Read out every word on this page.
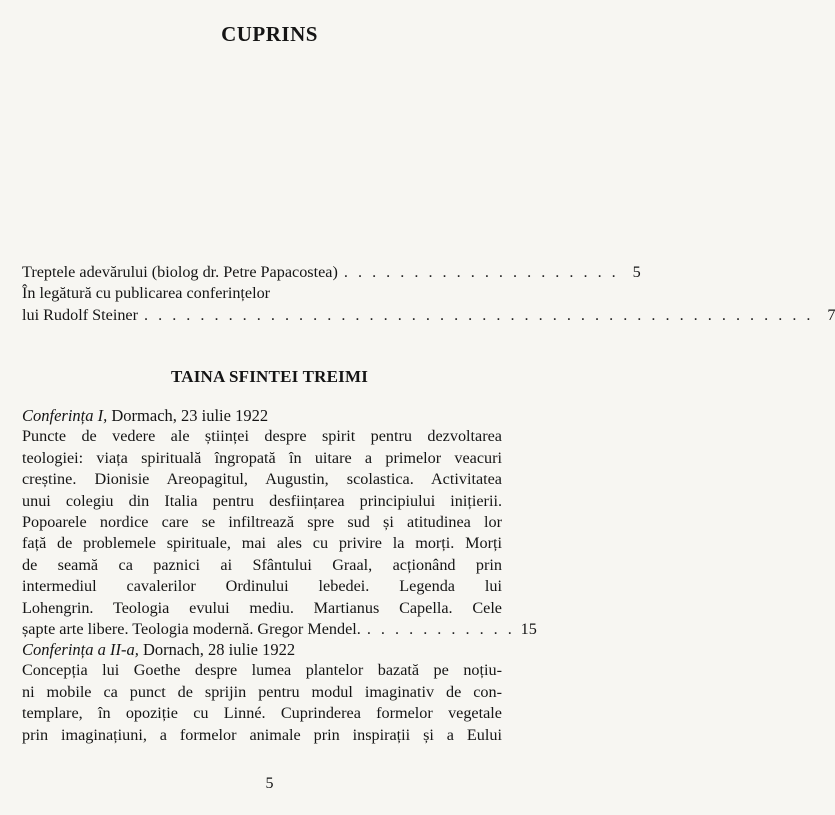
CUPRINS
Treptele adevărului (biolog dr. Petre Papacostea) . . . . . . . . . . . . . . . . . . . . 5
În legătură cu publicarea conferințelor
lui Rudolf Steiner . . . . . . . . . . . . . . . . . . . . . . . . . . . . . . . . . . . . . . . . . . . . . . . . 7
TAINA SFINTEI TREIMI
Conferința I, Dormach, 23 iulie 1922
Puncte de vedere ale științei despre spirit pentru dezvoltarea
teologiei: viața spirituală îngropată în uitare a primelor veacuri
creștine. Dionisie Areopagitul, Augustin, scolastica. Activitatea
unui colegiu din Italia pentru desființarea principiului inițierii.
Popoarele nordice care se infiltrează spre sud și atitudinea lor
față de problemele spirituale, mai ales cu privire la morți. Morți
de seamă ca paznici ai Sfântului Graal, acționând prin
intermediul cavalerilor Ordinului lebedei. Legenda lui
Lohengrin. Teologia evului mediu. Martianus Capella. Cele
șapte arte libere. Teologia modernă. Gregor Mendel. . . . . . . . . . . . 15
Conferința a II-a, Dornach, 28 iulie 1922
Concepția lui Goethe despre lumea plantelor bazată pe noțiu-
ni mobile ca punct de sprijin pentru modul imaginativ de con-
templare, în opoziție cu Linné. Cuprinderea formelor vegetale
prin imaginațiuni, a formelor animale prin inspirații și a Eului
5
